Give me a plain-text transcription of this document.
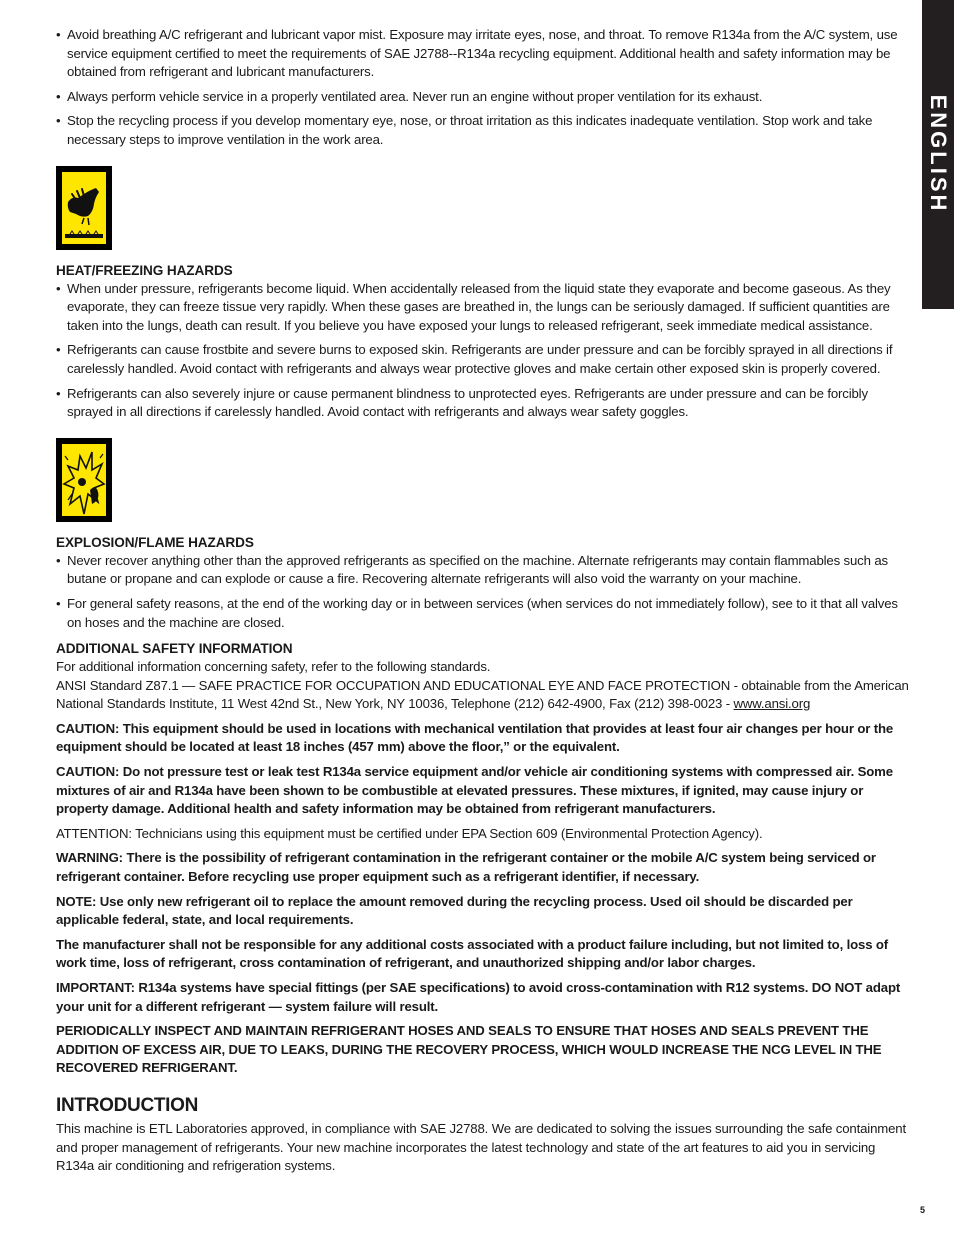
ENGLISH
• Avoid breathing A/C refrigerant and lubricant vapor mist. Exposure may irritate eyes, nose, and throat. To remove R134a from the A/C system, use service equipment certified to meet the requirements of SAE J2788--R134a recycling equipment. Additional health and safety information may be obtained from refrigerant and lubricant manufacturers.
• Always perform vehicle service in a properly ventilated area. Never run an engine without proper ventilation for its exhaust.
• Stop the recycling process if you develop momentary eye, nose, or throat irritation as this indicates inadequate ventilation. Stop work and take necessary steps to improve ventilation in the work area.
HEAT/FREEZING HAZARDS
• When under pressure, refrigerants become liquid. When accidentally released from the liquid state they evaporate and become gaseous. As they evaporate, they can freeze tissue very rapidly. When these gases are breathed in, the lungs can be seriously damaged. If sufficient quantities are taken into the lungs, death can result. If you believe you have exposed your lungs to released refrigerant, seek immediate medical assistance.
• Refrigerants can cause frostbite and severe burns to exposed skin. Refrigerants are under pressure and can be forcibly sprayed in all directions if carelessly handled. Avoid contact with refrigerants and always wear protective gloves and make certain other exposed skin is properly covered.
• Refrigerants can also severely injure or cause permanent blindness to unprotected eyes. Refrigerants are under pressure and can be forcibly sprayed in all directions if carelessly handled. Avoid contact with refrigerants and always wear safety goggles.
EXPLOSION/FLAME HAZARDS
• Never recover anything other than the approved refrigerants as specified on the machine. Alternate refrigerants may contain flammables such as butane or propane and can explode or cause a fire. Recovering alternate refrigerants will also void the warranty on your machine.
• For general safety reasons, at the end of the working day or in between services (when services do not immediately follow), see to it that all valves on hoses and the machine are closed.
ADDITIONAL SAFETY INFORMATION

For additional information concerning safety, refer to the following standards.
ANSI Standard Z87.1 — SAFE PRACTICE FOR OCCUPATION AND EDUCATIONAL EYE AND FACE PROTECTION - obtainable from the American National Standards Institute, 11 West 42nd St., New York, NY 10036, Telephone (212) 642-4900, Fax (212) 398-0023 - www.ansi.org

CAUTION: This equipment should be used in locations with mechanical ventilation that provides at least four air changes per hour or the equipment should be located at least 18 inches (457 mm) above the floor,” or the equivalent.

CAUTION: Do not pressure test or leak test R134a service equipment and/or vehicle air conditioning systems with compressed air. Some mixtures of air and R134a have been shown to be combustible at elevated pressures. These mixtures, if ignited, may cause injury or property damage. Additional health and safety information may be obtained from refrigerant manufacturers.

ATTENTION: Technicians using this equipment must be certified under EPA Section 609 (Environmental Protection Agency).

WARNING: There is the possibility of refrigerant contamination in the refrigerant container or the mobile A/C system being serviced or refrigerant container. Before recycling use proper equipment such as a refrigerant identifier, if necessary.

NOTE: Use only new refrigerant oil to replace the amount removed during the recycling process. Used oil should be discarded per applicable federal, state, and local requirements.

The manufacturer shall not be responsible for any additional costs associated with a product failure including, but not limited to, loss of work time, loss of refrigerant, cross contamination of refrigerant, and unauthorized shipping and/or labor charges.

IMPORTANT: R134a systems have special fittings (per SAE specifications) to avoid cross-contamination with R12 systems. DO NOT adapt your unit for a different refrigerant — system failure will result.

PERIODICALLY INSPECT AND MAINTAIN REFRIGERANT HOSES AND SEALS TO ENSURE THAT HOSES AND SEALS PREVENT THE ADDITION OF EXCESS AIR, DUE TO LEAKS, DURING THE RECOVERY PROCESS, WHICH WOULD INCREASE THE NCG LEVEL IN THE RECOVERED REFRIGERANT.

INTRODUCTION

This machine is ETL Laboratories approved, in compliance with SAE J2788. We are dedicated to solving the issues surrounding the safe containment and proper management of refrigerants. Your new machine incorporates the latest technology and state of the art features to aid you in servicing R134a air conditioning and refrigeration systems.

5
